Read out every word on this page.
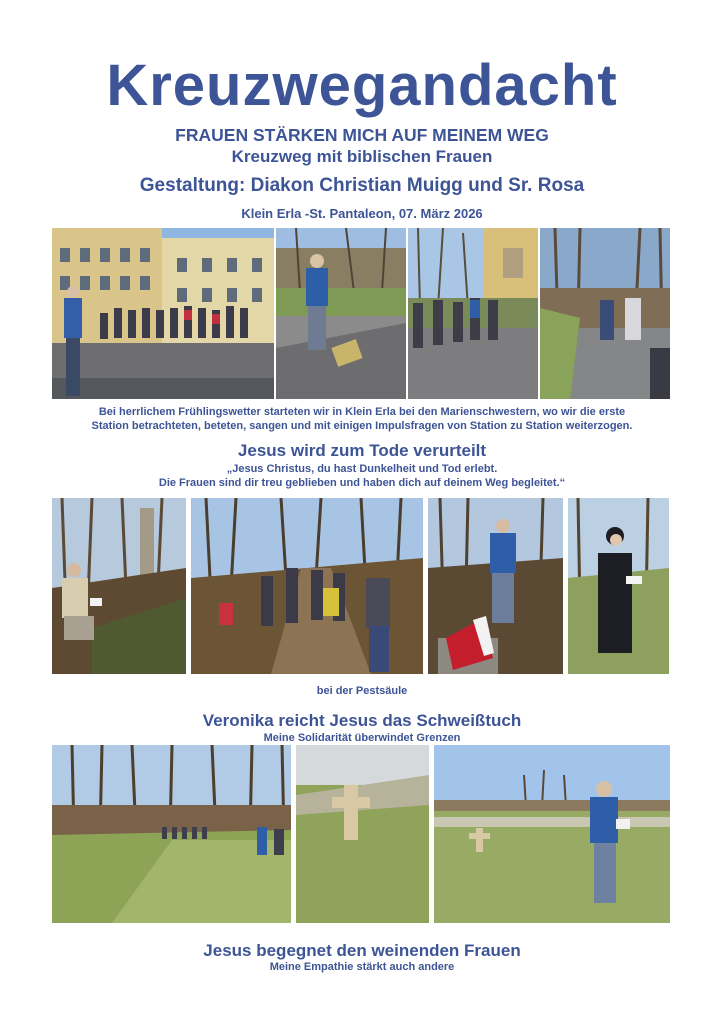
Kreuzwegandacht
FRAUEN STÄRKEN MICH AUF MEINEM WEG
Kreuzweg mit biblischen Frauen
Gestaltung: Diakon Christian Muigg und Sr. Rosa
Klein Erla -St. Pantaleon, 07. März 2026
Bei herrlichem Frühlingswetter starteten wir in Klein Erla bei den Marienschwestern, wo wir die erste
Station betrachteten, beteten, sangen und mit einigen Impulsfragen von Station zu Station weiterzogen.
Jesus wird zum Tode verurteilt
„Jesus Christus, du hast Dunkelheit und Tod erlebt.
Die Frauen sind dir treu geblieben und haben dich auf deinem Weg begleitet.“
bei der Pestsäule
Veronika reicht Jesus das Schweißtuch
Meine Solidarität überwindet Grenzen
Jesus begegnet den weinenden Frauen
Meine Empathie stärkt auch andere
